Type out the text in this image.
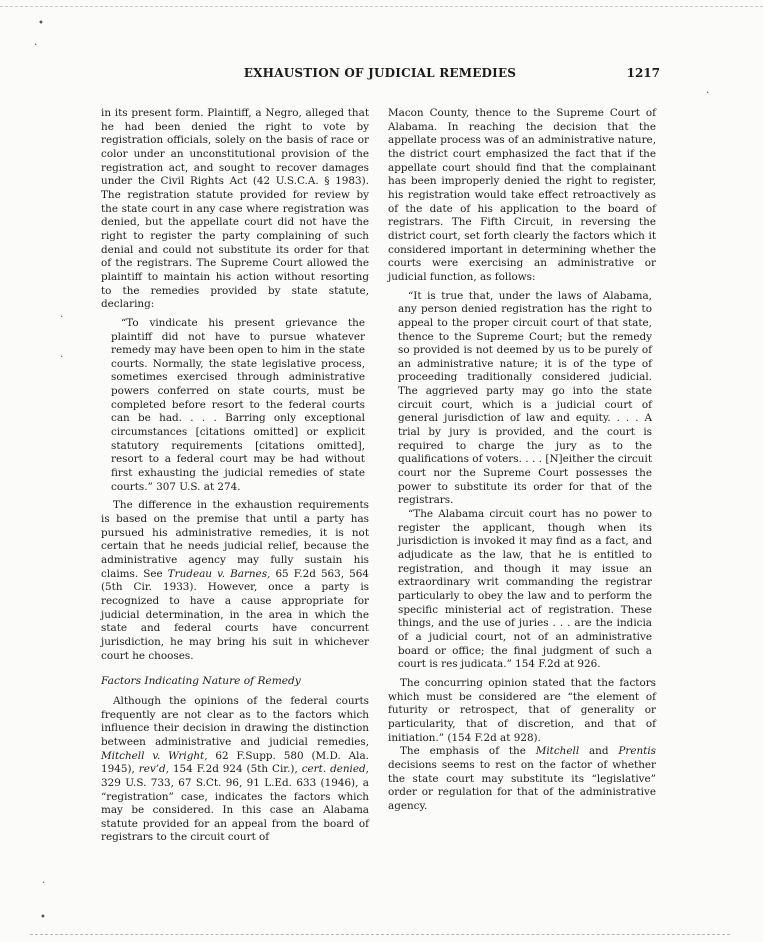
EXHAUSTION OF JUDICIAL REMEDIES	1217

in its present form. Plaintiff, a Negro, alleged that he had been denied the right to vote by registration officials, solely on the basis of race or color under an unconstitutional provision of the registration act, and sought to recover damages under the Civil Rights Act (42 U.S.C.A. § 1983). The registration statute provided for review by the state court in any case where registration was denied, but the appellate court did not have the right to register the party complaining of such denial and could not substitute its order for that of the registrars. The Supreme Court allowed the plaintiff to maintain his action without resorting to the remedies provided by state statute, declaring:

“To vindicate his present grievance the plaintiff did not have to pursue whatever remedy may have been open to him in the state courts. Normally, the state legislative process, sometimes exercised through administrative powers conferred on state courts, must be completed before resort to the federal courts can be had. . . . Barring only exceptional circumstances [citations omitted] or explicit statutory requirements [citations omitted], resort to a federal court may be had without first exhausting the judicial remedies of state courts.” 307 U.S. at 274.

The difference in the exhaustion requirements is based on the premise that until a party has pursued his administrative remedies, it is not certain that he needs judicial relief, because the administrative agency may fully sustain his claims. See Trudeau v. Barnes, 65 F.2d 563, 564 (5th Cir. 1933). However, once a party is recognized to have a cause appropriate for judicial determination, in the area in which the state and federal courts have concurrent jurisdiction, he may bring his suit in whichever court he chooses.

Factors Indicating Nature of Remedy

Although the opinions of the federal courts frequently are not clear as to the factors which influence their decision in drawing the distinction between administrative and judicial remedies, Mitchell v. Wright, 62 F.Supp. 580 (M.D. Ala. 1945), rev’d, 154 F.2d 924 (5th Cir.), cert. denied, 329 U.S. 733, 67 S.Ct. 96, 91 L.Ed. 633 (1946), a “registration” case, indicates the factors which may be considered. In this case an Alabama statute provided for an appeal from the board of registrars to the circuit court of

Macon County, thence to the Supreme Court of Alabama. In reaching the decision that the appellate process was of an administrative nature, the district court emphasized the fact that if the appellate court should find that the complainant has been improperly denied the right to register, his registration would take effect retroactively as of the date of his application to the board of registrars. The Fifth Circuit, in reversing the district court, set forth clearly the factors which it considered important in determining whether the courts were exercising an administrative or judicial function, as follows:

“It is true that, under the laws of Alabama, any person denied registration has the right to appeal to the proper circuit court of that state, thence to the Supreme Court; but the remedy so provided is not deemed by us to be purely of an administrative nature; it is of the type of proceeding traditionally considered judicial. The aggrieved party may go into the state circuit court, which is a judicial court of general jurisdiction of law and equity. . . . A trial by jury is provided, and the court is required to charge the jury as to the qualifications of voters. . . . [N]either the circuit court nor the Supreme Court possesses the power to substitute its order for that of the registrars.

“The Alabama circuit court has no power to register the applicant, though when its jurisdiction is invoked it may find as a fact, and adjudicate as the law, that he is entitled to registration, and though it may issue an extraordinary writ commanding the registrar particularly to obey the law and to perform the specific ministerial act of registration. These things, and the use of juries . . . are the indicia of a judicial court, not of an administrative board or office; the final judgment of such a court is res judicata.” 154 F.2d at 926.

The concurring opinion stated that the factors which must be considered are “the element of futurity or retrospect, that of generality or particularity, that of discretion, and that of initiation.” (154 F.2d at 928).

The emphasis of the Mitchell and Prentis decisions seems to rest on the factor of whether the state court may substitute its “legislative” order or regulation for that of the administrative agency.

•
·
·
·
·
•
·
